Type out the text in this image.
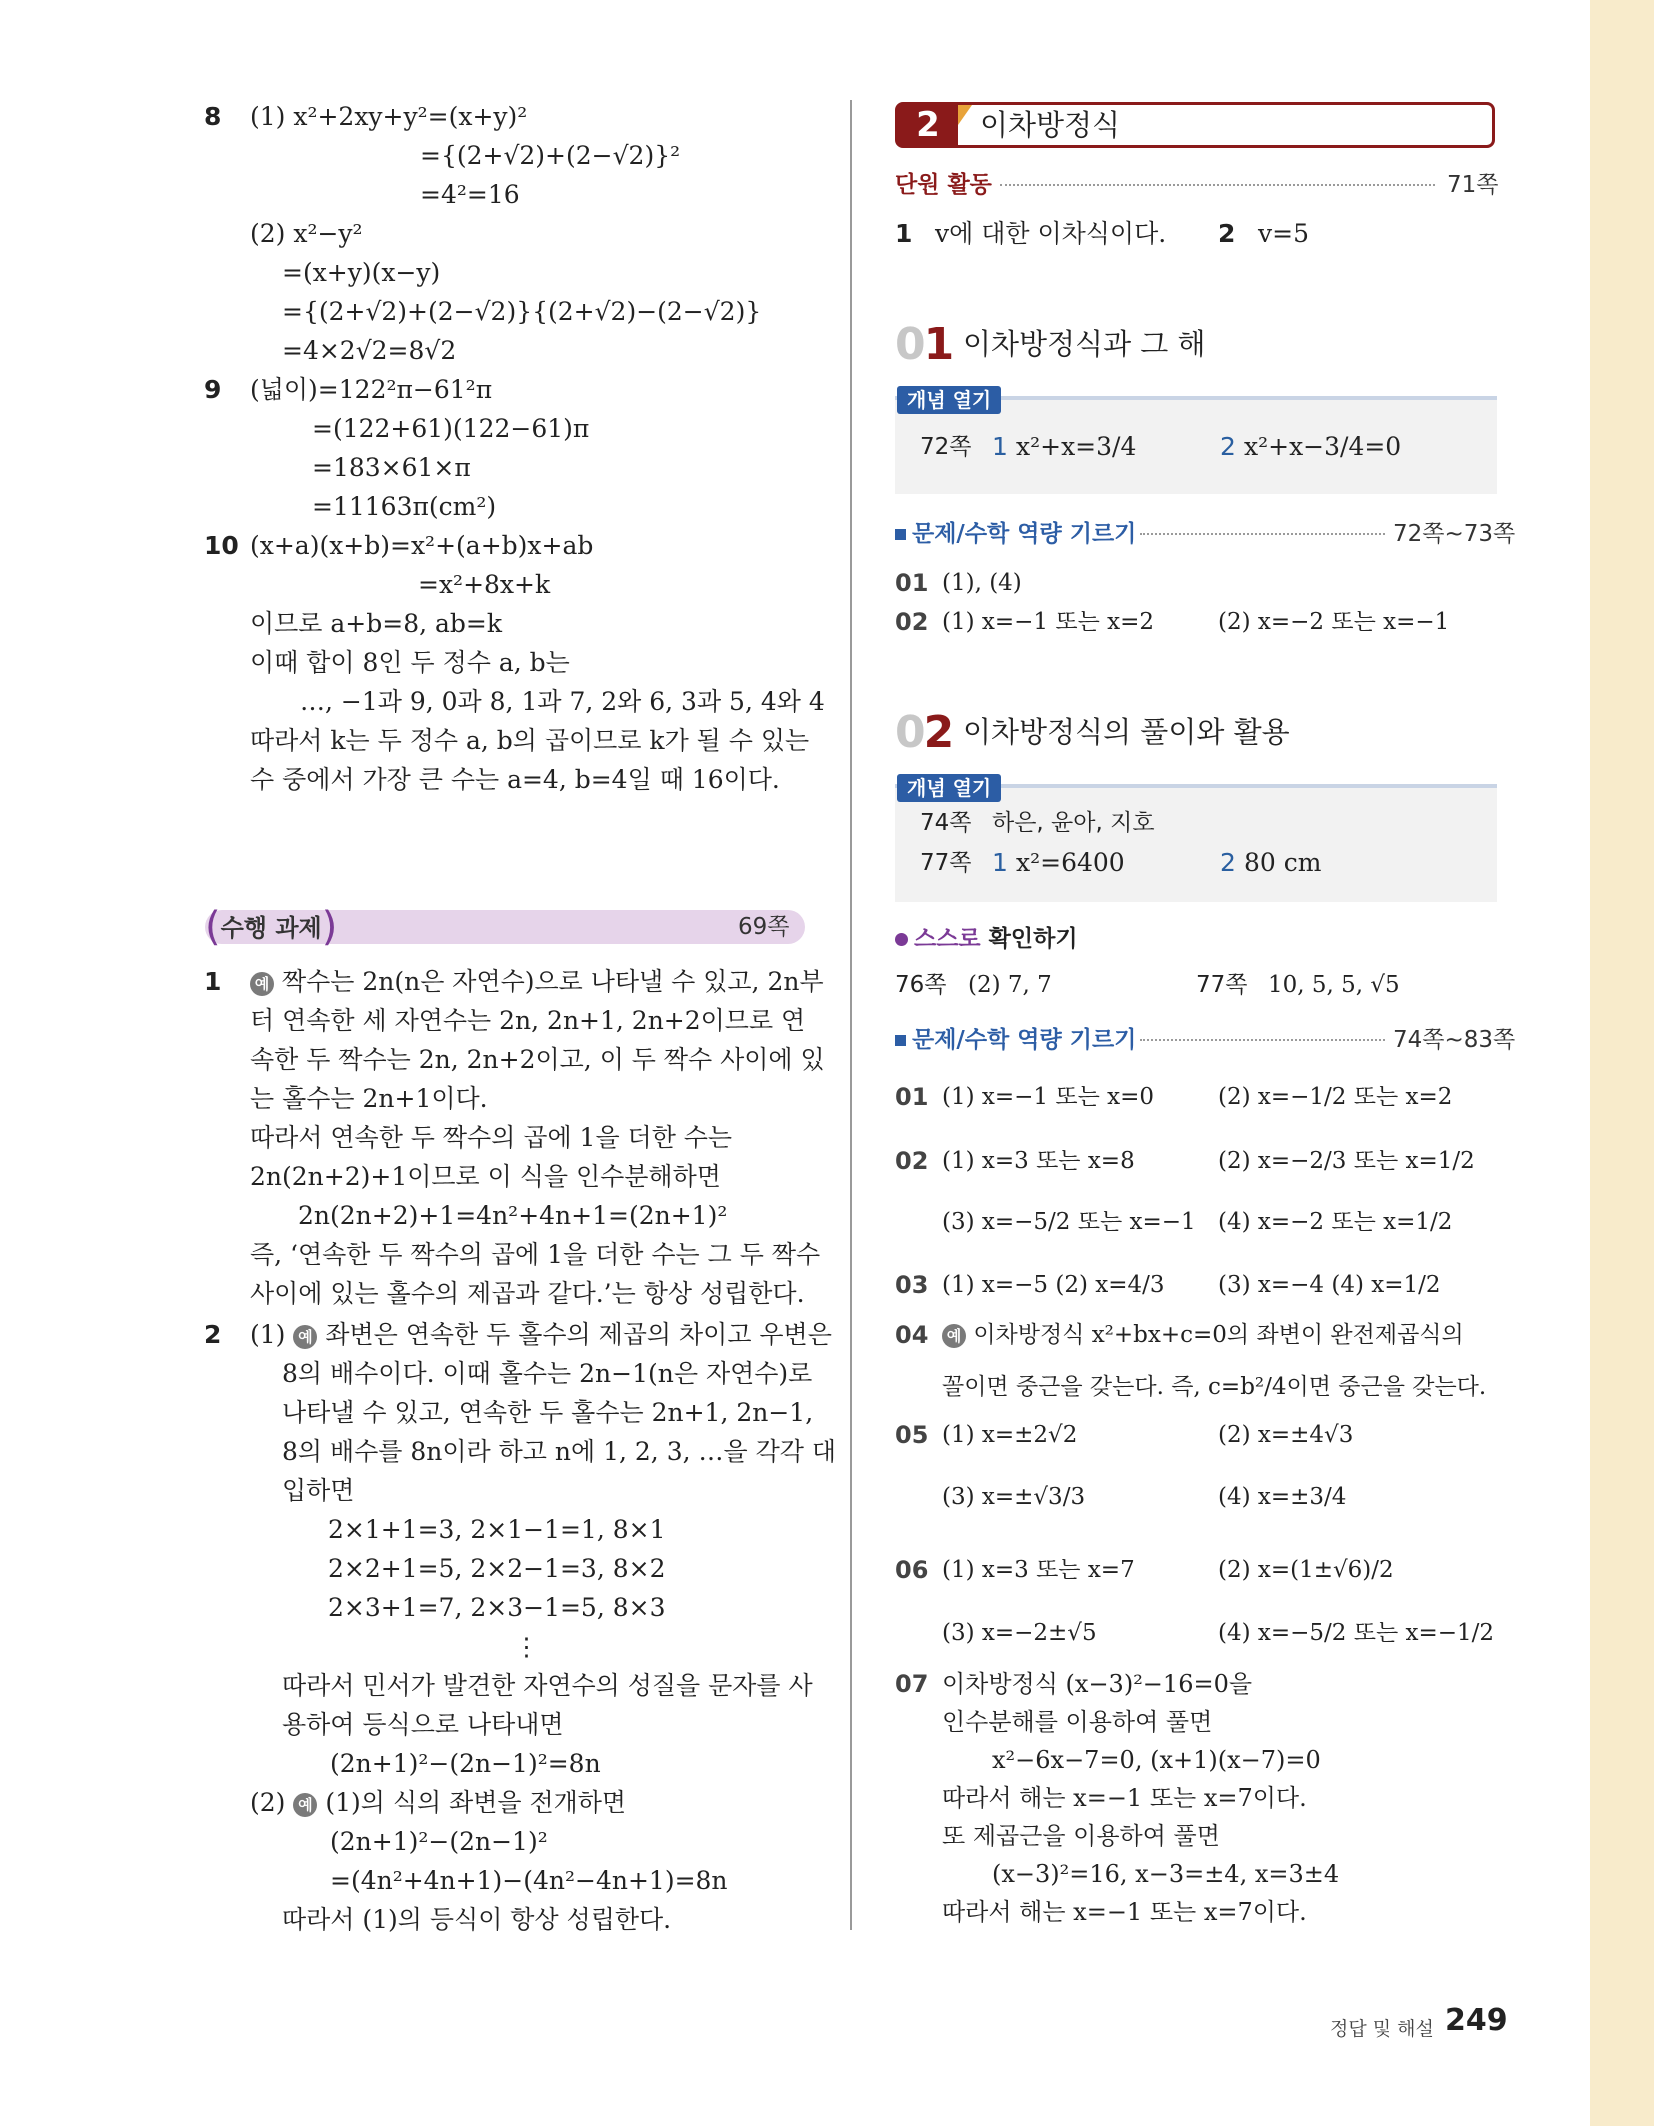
8 (1) x²+2xy+y²=(x+y)²
={(2+√2)+(2−√2)}²
=4²=16
(2) x²−y²
=(x+y)(x−y)
={(2+√2)+(2−√2)}{(2+√2)−(2−√2)}
=4×2√2=8√2
9 (넓이)=122²π−61²π
=(122+61)(122−61)π
=183×61×π
=11163π(cm²)
10 (x+a)(x+b)=x²+(a+b)x+ab
=x²+8x+k
이므로 a+b=8, ab=k
이때 합이 8인 두 정수 a, b는
…, −1과 9, 0과 8, 1과 7, 2와 6, 3과 5, 4와 4
따라서 k는 두 정수 a, b의 곱이므로 k가 될 수 있는
수 중에서 가장 큰 수는 a=4, b=4일 때 16이다.
(수행 과제)	69쪽
1	예 짝수는 2n(n은 자연수)으로 나타낼 수 있고, 2n부
터 연속한 세 자연수는 2n, 2n+1, 2n+2이므로 연
속한 두 짝수는 2n, 2n+2이고, 이 두 짝수 사이에 있
는 홀수는 2n+1이다.
따라서 연속한 두 짝수의 곱에 1을 더한 수는
2n(2n+2)+1이므로 이 식을 인수분해하면
2n(2n+2)+1=4n²+4n+1=(2n+1)²
즉, ‘연속한 두 짝수의 곱에 1을 더한 수는 그 두 짝수
사이에 있는 홀수의 제곱과 같다.’는 항상 성립한다.
2 (1) 예 좌변은 연속한 두 홀수의 제곱의 차이고 우변은
8의 배수이다. 이때 홀수는 2n−1(n은 자연수)로
나타낼 수 있고, 연속한 두 홀수는 2n+1, 2n−1,
8의 배수를 8n이라 하고 n에 1, 2, 3, …을 각각 대
입하면
2×1+1=3, 2×1−1=1, 8×1
2×2+1=5, 2×2−1=3, 8×2
2×3+1=7, 2×3−1=5, 8×3
⋮
따라서 민서가 발견한 자연수의 성질을 문자를 사
용하여 등식으로 나타내면
(2n+1)²−(2n−1)²=8n
(2) 예 (1)의 식의 좌변을 전개하면
(2n+1)²−(2n−1)²
=(4n²+4n+1)−(4n²−4n+1)=8n
따라서 (1)의 등식이 항상 성립한다.
2	이차방정식
단원 활동	71쪽
1 v에 대한 이차식이다. 2 v=5
01 이차방정식과 그 해
개념 열기
72쪽 1 x²+x=3/4	2 x²+x−3/4=0
문제/수학 역량 기르기	72쪽~73쪽
01 (1), (4)
02 (1) x=−1 또는 x=2	(2) x=−2 또는 x=−1
02 이차방정식의 풀이와 활용
개념 열기
74쪽 하은, 윤아, 지호
77쪽 1 x²=6400	2 80 cm
스스로 확인하기
76쪽 (2) 7, 7	77쪽 10, 5, 5, √5
문제/수학 역량 기르기	74쪽~83쪽
01 (1) x=−1 또는 x=0	(2) x=−1/2 또는 x=2
02 (1) x=3 또는 x=8	(2) x=−2/3 또는 x=1/2
(3) x=−5/2 또는 x=−1 (4) x=−2 또는 x=1/2
03 (1) x=−5 (2) x=4/3 (3) x=−4 (4) x=1/2
04	예 이차방정식 x²+bx+c=0의 좌변이 완전제곱식의
꼴이면 중근을 갖는다. 즉, c=b²/4이면 중근을 갖는다.
05 (1) x=±2√2	(2) x=±4√3
(3) x=±√3/3	(4) x=±3/4
06 (1) x=3 또는 x=7	(2) x=(1±√6)/2
(3) x=−2±√5	(4) x=−5/2 또는 x=−1/2
07 이차방정식 (x−3)²−16=0을
인수분해를 이용하여 풀면
x²−6x−7=0, (x+1)(x−7)=0
따라서 해는 x=−1 또는 x=7이다.
또 제곱근을 이용하여 풀면
(x−3)²=16, x−3=±4, x=3±4
따라서 해는 x=−1 또는 x=7이다.
정답 및 해설 249
